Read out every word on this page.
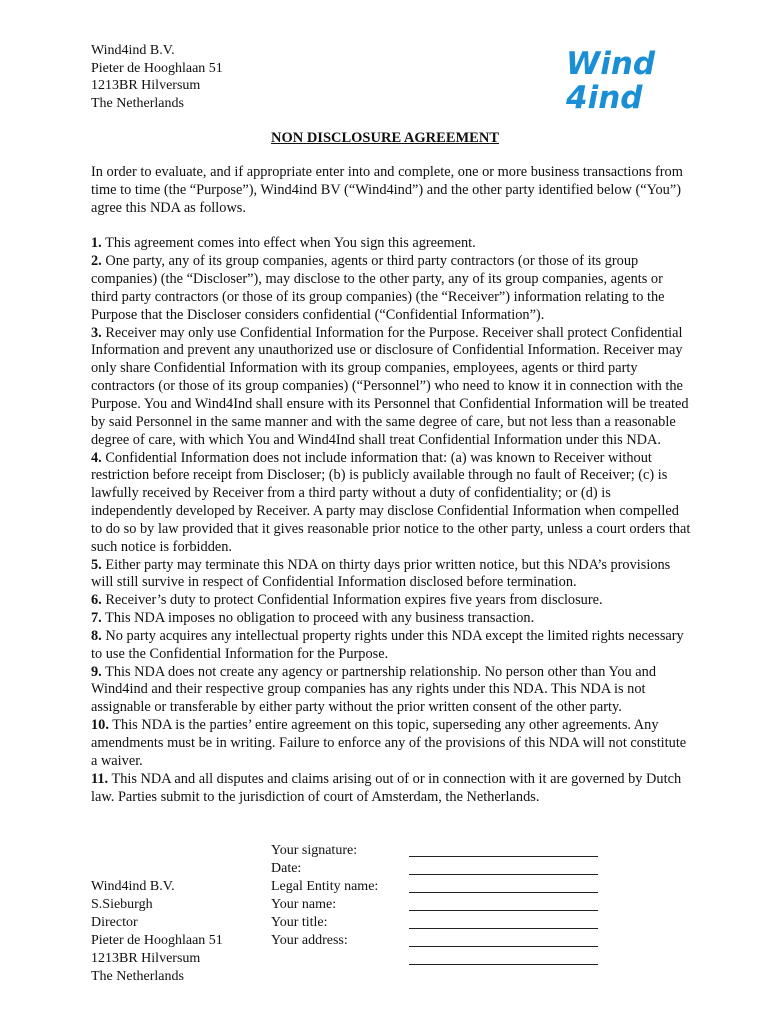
Wind4ind B.V.
Pieter de Hooghlaan 51
1213BR Hilversum
The Netherlands
Wind
4ind
NON DISCLOSURE AGREEMENT

In order to evaluate, and if appropriate enter into and complete, one or more business transactions from time to time (the “Purpose”), Wind4ind BV (“Wind4ind”) and the other party identified below (“You”) agree this NDA as follows.

1. This agreement comes into effect when You sign this agreement.

2. One party, any of its group companies, agents or third party contractors (or those of its group companies) (the “Discloser”), may disclose to the other party, any of its group companies, agents or third party contractors (or those of its group companies) (the “Receiver”) information relating to the Purpose that the Discloser considers confidential (“Confidential Information”).

3. Receiver may only use Confidential Information for the Purpose. Receiver shall protect Confidential Information and prevent any unauthorized use or disclosure of Confidential Information. Receiver may only share Confidential Information with its group companies, employees, agents or third party contractors (or those of its group companies) (“Personnel”) who need to know it in connection with the Purpose. You and Wind4Ind shall ensure with its Personnel that Confidential Information will be treated by said Personnel in the same manner and with the same degree of care, but not less than a reasonable degree of care, with which You and Wind4Ind shall treat Confidential Information under this NDA.

4. Confidential Information does not include information that: (a) was known to Receiver without restriction before receipt from Discloser; (b) is publicly available through no fault of Receiver; (c) is lawfully received by Receiver from a third party without a duty of confidentiality; or (d) is independently developed by Receiver. A party may disclose Confidential Information when compelled to do so by law provided that it gives reasonable prior notice to the other party, unless a court orders that such notice is forbidden.

5. Either party may terminate this NDA on thirty days prior written notice, but this NDA’s provisions will still survive in respect of Confidential Information disclosed before termination.

6. Receiver’s duty to protect Confidential Information expires five years from disclosure.

7. This NDA imposes no obligation to proceed with any business transaction.

8. No party acquires any intellectual property rights under this NDA except the limited rights necessary to use the Confidential Information for the Purpose.

9. This NDA does not create any agency or partnership relationship. No person other than You and Wind4ind and their respective group companies has any rights under this NDA. This NDA is not assignable or transferable by either party without the prior written consent of the other party.

10. This NDA is the parties’ entire agreement on this topic, superseding any other agreements. Any amendments must be in writing. Failure to enforce any of the provisions of this NDA will not constitute a waiver.

11. This NDA and all disputes and claims arising out of or in connection with it are governed by Dutch law. Parties submit to the jurisdiction of court of Amsterdam, the Netherlands.

Your signature:
Date:
Legal Entity name:
Your name:
Your title:
Your address:
Wind4ind B.V.
S.Sieburgh
Director
Pieter de Hooghlaan 51
1213BR Hilversum
The Netherlands
